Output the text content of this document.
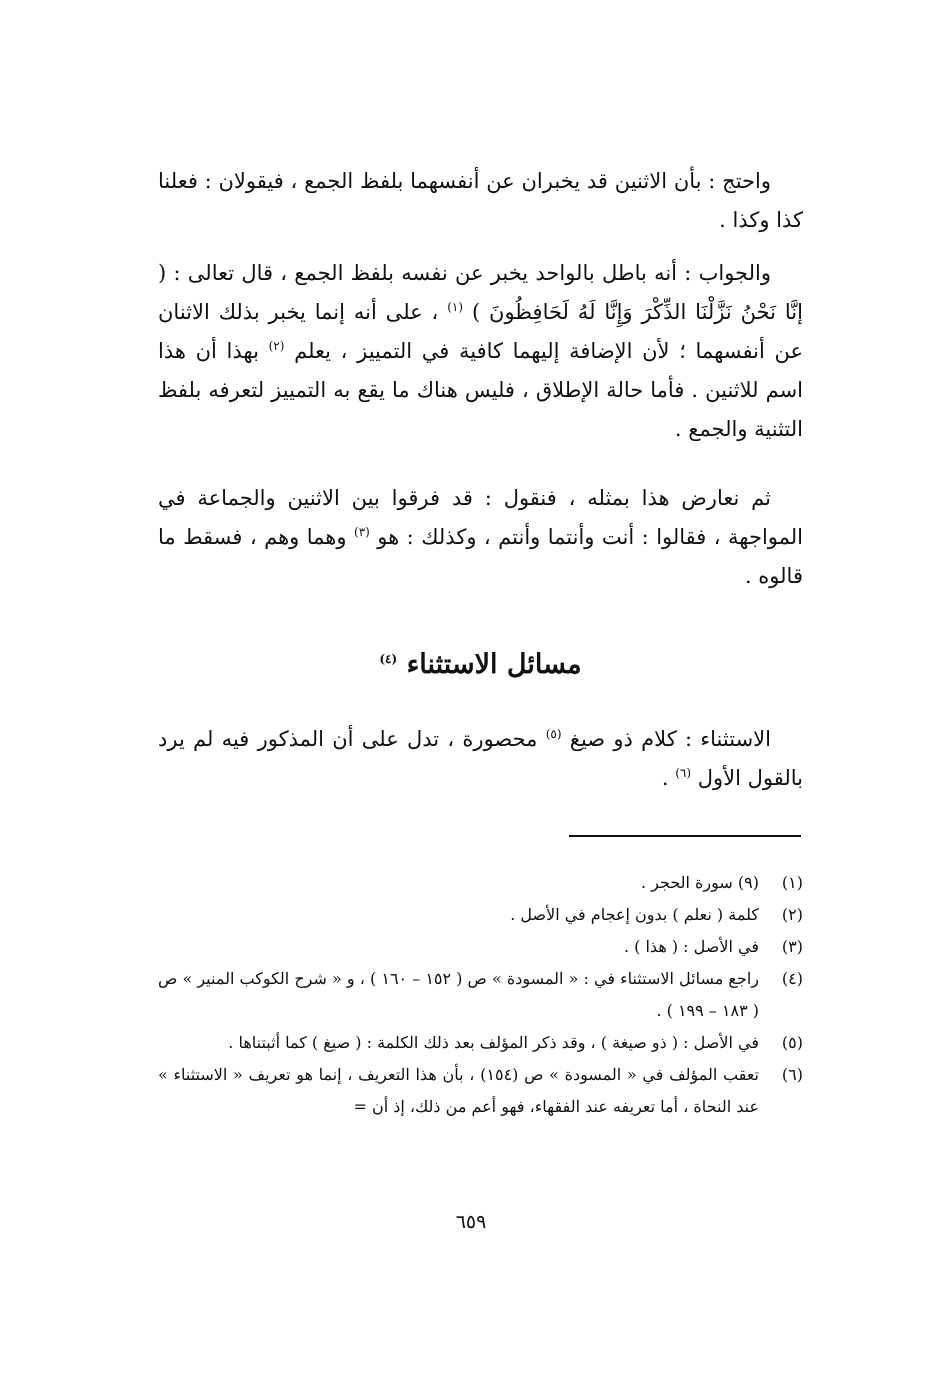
واحتج : بأن الاثنين قد يخبران عن أنفسهما بلفظ الجمع ، فيقولان : فعلنا كذا وكذا .

والجواب : أنه باطل بالواحد يخبر عن نفسه بلفظ الجمع ، قال تعالى : ( إنَّا نَحْنُ نَزَّلْنَا الذِّكْرَ وَإِنَّا لَهُ لَحَافِظُونَ ) $^{(١)}$ ، على أنه إنما يخبر بذلك الاثنان عن أنفسهما ؛ لأن الإضافة إليهما كافية في التمييز ، يعلم $^{(٢)}$ بهذا أن هذا اسم للاثنين . فأما حالة الإطلاق ، فليس هناك ما يقع به التمييز لتعرفه بلفظ التثنية والجمع .

ثم نعارض هذا بمثله ، فنقول : قد فرقوا بين الاثنين والجماعة في المواجهة ، فقالوا : أنت وأنتما وأنتم ، وكذلك : هو $^{(٣)}$ وهما وهم ، فسقط ما قالوه .

مسائل الاستثناء $^{(٤)}$

الاستثناء : كلام ذو صيغ $^{(٥)}$ محصورة ، تدل على أن المذكور فيه لم يرد بالقول الأول $^{(٦)}$ .

(١)
(٩) سورة الحجر .
(٢)
كلمة ( نعلم ) بدون إعجام في الأصل .
(٣)
في الأصل : ( هذا ) .
(٤)
راجع مسائل الاستثناء في : « المسودة » ص ( ١٥٢ – ١٦٠ ) ، و « شرح الكوكب المنير » ص ( ١٨٣ – ١٩٩ ) .
(٥)
في الأصل : ( ذو صيغة ) ، وقد ذكر المؤلف بعد ذلك الكلمة : ( صيغ ) كما أثبتناها .
(٦)
تعقب المؤلف في « المسودة » ص (١٥٤) ، بأن هذا التعريف ، إنما هو تعريف « الاستثناء » عند النحاة ، أما تعريفه عند الفقهاء، فهو أعم من ذلك، إذ أن =
٦٥٩
